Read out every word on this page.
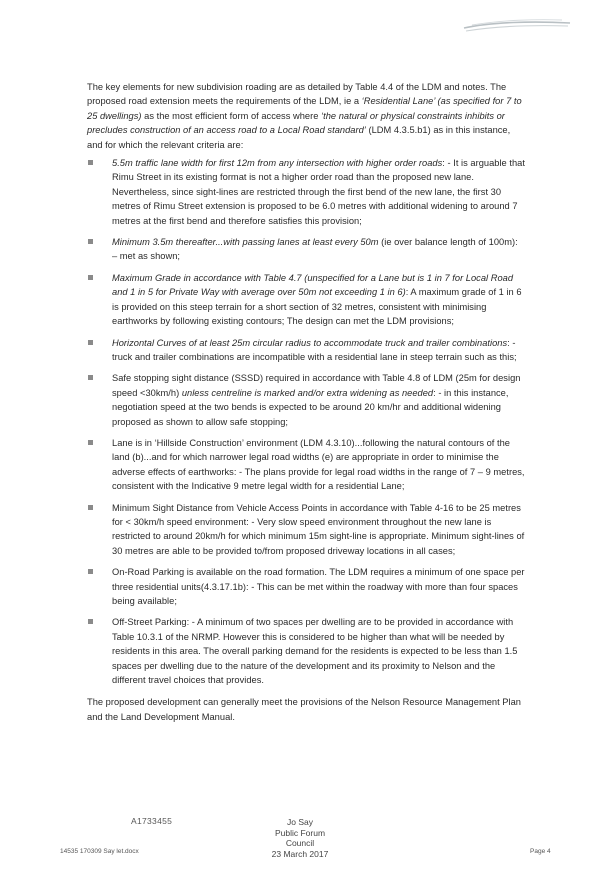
The key elements for new subdivision roading are as detailed by Table 4.4 of the LDM and notes. The proposed road extension meets the requirements of the LDM, ie a ‘Residential Lane’ (as specified for 7 to 25 dwellings) as the most efficient form of access where ‘the natural or physical constraints inhibits or precludes construction of an access road to a Local Road standard’ (LDM 4.3.5.b1) as in this instance, and for which the relevant criteria are:

5.5m traffic lane width for first 12m from any intersection with higher order roads: - It is arguable that Rimu Street in its existing format is not a higher order road than the proposed new lane. Nevertheless, since sight-lines are restricted through the first bend of the new lane, the first 30 metres of Rimu Street extension is proposed to be 6.0 metres with additional widening to around 7 metres at the first bend and therefore satisfies this provision;
Minimum 3.5m thereafter...with passing lanes at least every 50m (ie over balance length of 100m): – met as shown;
Maximum Grade in accordance with Table 4.7 (unspecified for a Lane but is 1 in 7 for Local Road and 1 in 5 for Private Way with average over 50m not exceeding 1 in 6): A maximum grade of 1 in 6 is provided on this steep terrain for a short section of 32 metres, consistent with minimising earthworks by following existing contours; The design can met the LDM provisions;
Horizontal Curves of at least 25m circular radius to accommodate truck and trailer combinations: - truck and trailer combinations are incompatible with a residential lane in steep terrain such as this;
Safe stopping sight distance (SSSD) required in accordance with Table 4.8 of LDM (25m for design speed <30km/h) unless centreline is marked and/or extra widening as needed: - in this instance, negotiation speed at the two bends is expected to be around 20 km/hr and additional widening proposed as shown to allow safe stopping;
Lane is in ‘Hillside Construction’ environment (LDM 4.3.10)...following the natural contours of the land (b)...and for which narrower legal road widths (e) are appropriate in order to minimise the adverse effects of earthworks: - The plans provide for legal road widths in the range of 7 – 9 metres, consistent with the Indicative 9 metre legal width for a residential Lane;
Minimum Sight Distance from Vehicle Access Points in accordance with Table 4-16 to be 25 metres for < 30km/h speed environment: - Very slow speed environment throughout the new lane is restricted to around 20km/h for which minimum 15m sight-line is appropriate. Minimum sight-lines of 30 metres are able to be provided to/from proposed driveway locations in all cases;
On-Road Parking is available on the road formation. The LDM requires a minimum of one space per three residential units(4.3.17.1b): - This can be met within the roadway with more than four spaces being available;
Off-Street Parking: - A minimum of two spaces per dwelling are to be provided in accordance with Table 10.3.1 of the NRMP. However this is considered to be higher than what will be needed by residents in this area. The overall parking demand for the residents is expected to be less than 1.5 spaces per dwelling due to the nature of the development and its proximity to Nelson and the different travel choices that provides.

The proposed development can generally meet the provisions of the Nelson Resource Management Plan and the Land Development Manual.

A1733455	Jo Say
Public Forum
Council
23 March 2017
14535 170309 Say let.docx	Page 4
